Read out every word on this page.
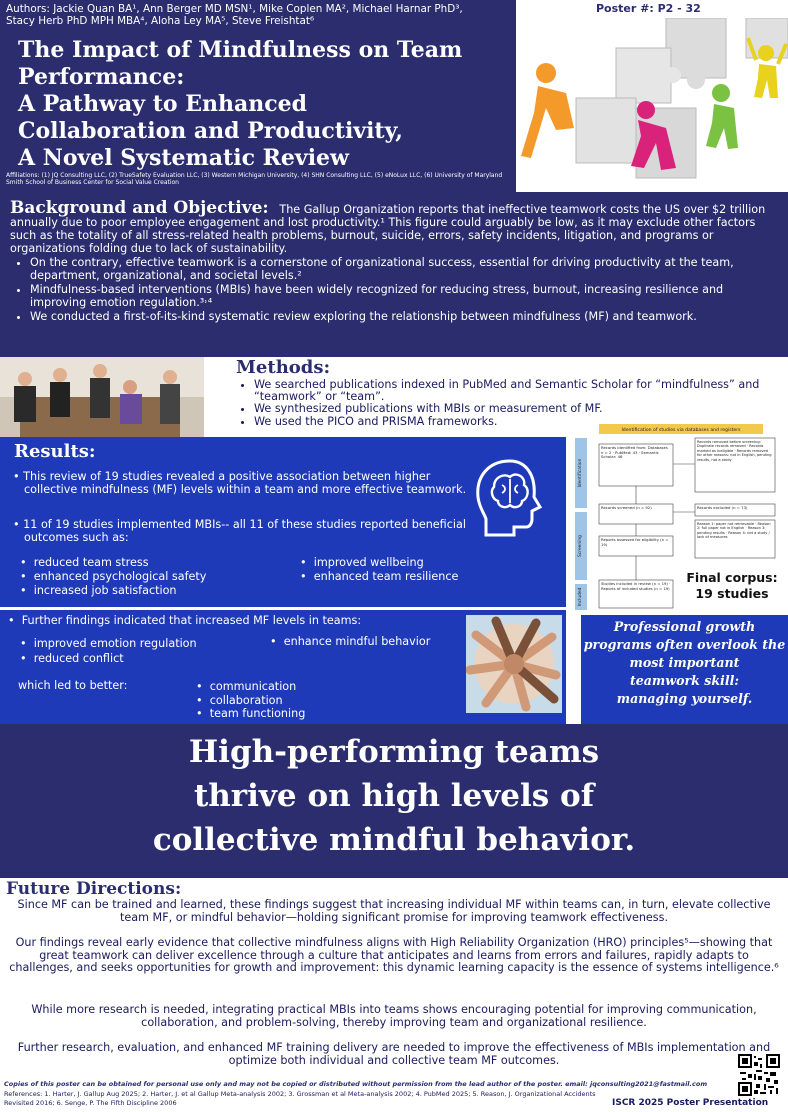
Authors: Jackie Quan BA¹, Ann Berger MD MSN¹, Mike Coplen MA², Michael Harnar PhD³,
Stacy Herb PhD MPH MBA⁴, Aloha Ley MA⁵, Steve Freishtat⁶
The Impact of Mindfulness on Team
Performance:
A Pathway to Enhanced
Collaboration and Productivity,
A Novel Systematic Review
Affiliations: (1) JQ Consulting LLC, (2) TrueSafety Evaluation LLC, (3) Western Michigan University, (4) SHN Consulting LLC, (5) eNoLux LLC, (6) University of Maryland Smith School of Business Center for Social Value Creation
Poster #: P2 - 32
Background and Objective: The Gallup Organization reports that ineffective teamwork costs the US over $2 trillion annually due to poor employee engagement and lost productivity.¹ This figure could arguably be low, as it may exclude other factors such as the totality of all stress-related health problems, burnout, suicide, errors, safety incidents, litigation, and programs or organizations folding due to lack of sustainability.
• On the contrary, effective teamwork is a cornerstone of organizational success, essential for driving productivity at the team, department, organizational, and societal levels.²
• Mindfulness-based interventions (MBIs) have been widely recognized for reducing stress, burnout, increasing resilience and improving emotion regulation.³˒⁴
• We conducted a first-of-its-kind systematic review exploring the relationship between mindfulness (MF) and teamwork.
Methods:
• We searched publications indexed in PubMed and Semantic Scholar for “mindfulness” and “teamwork” or “team”.
• We synthesized publications with MBIs or measurement of MF.
• We used the PICO and PRISMA frameworks.
Results:
• This review of 19 studies revealed a positive association between higher collective mindfulness (MF) levels within a team and more effective teamwork.
• 11 of 19 studies implemented MBIs-- all 11 of these studies reported beneficial outcomes such as:
•  reduced team stress
•  enhanced psychological safety
•  increased job satisfaction
•  improved wellbeing
•  enhanced team resilience
•  Further findings indicated that increased MF levels in teams:
•  improved emotion regulation
•  reduced conflict
•  enhance mindful behavior
which led to better:	•  communication
•  collaboration
•  team functioning
Identification of studies via databases and registers
Identification
Screening
Included
Records identified from: Databases n = 2 · PubMed: 43 · Semantic Scholar: 46
Records removed before screening: Duplicate records removed · Records marked as ineligible · Records removed for other reasons: not in English, pending results, not a study
Records screened (n = 92)	Records excluded (n = 73)
Reason 1: paper not retrievable · Reason 2: full paper not in English · Reason 3: pending results · Reason 4: not a study / lack of measures
Reports assessed for eligibility (n = 19)
Studies included in review (n = 19) · Reports of included studies (n = 19)
Final corpus:
19 studies
Professional growth
programs often overlook the
most important
teamwork skill:
managing yourself.
High-performing teams
thrive on high levels of
collective mindful behavior.
Future Directions:
Since MF can be trained and learned, these findings suggest that increasing individual MF within teams can, in turn, elevate collective team MF, or mindful behavior—holding significant promise for improving teamwork effectiveness.
Our findings reveal early evidence that collective mindfulness aligns with High Reliability Organization (HRO) principles⁵—showing that great teamwork can deliver excellence through a culture that anticipates and learns from errors and failures, rapidly adapts to challenges, and seeks opportunities for growth and improvement: this dynamic learning capacity is the essence of systems intelligence.⁶
While more research is needed, integrating practical MBIs into teams shows encouraging potential for improving communication, collaboration, and problem-solving, thereby improving team and organizational resilience.
Further research, evaluation, and enhanced MF training delivery are needed to improve the effectiveness of MBIs implementation and optimize both individual and collective team MF outcomes.
Copies of this poster can be obtained for personal use only and may not be copied or distributed without permission from the lead author of the poster. email: jqconsulting2021@fastmail.com
References: 1. Harter, J. Gallup Aug 2025; 2. Harter, J. et al Gallup Meta-analysis 2002; 3. Grossman et al Meta-analysis 2002; 4. PubMed 2025; 5. Reason, J. Organizational Accidents Revisited 2016; 6. Senge, P. The Fifth Discipline 2006	ISCR 2025 Poster Presentation
